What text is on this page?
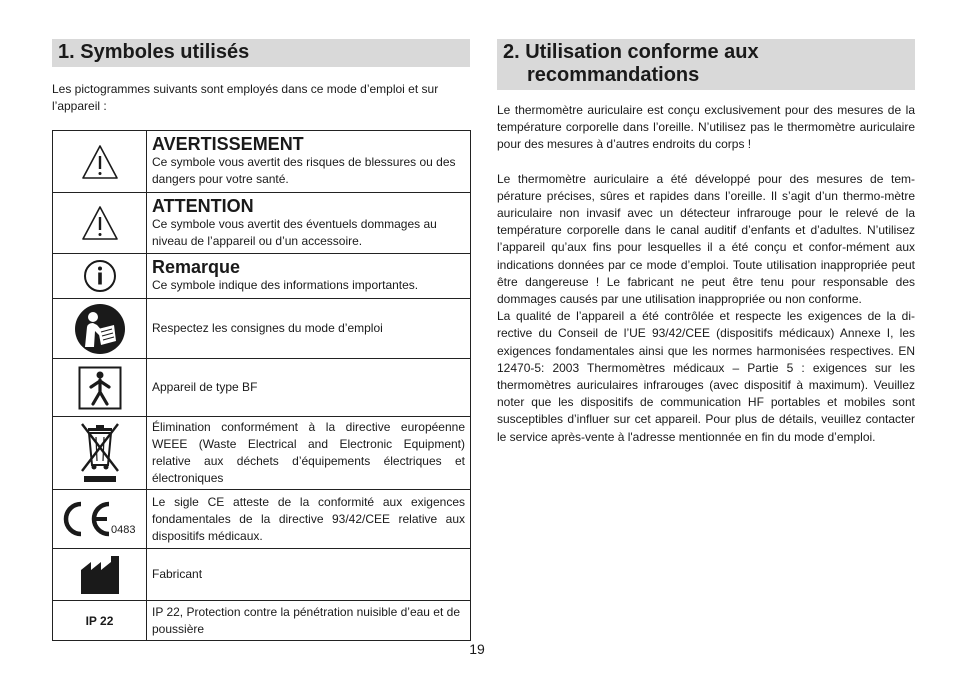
1. Symboles utilisés
Les pictogrammes suivants sont employés dans ce mode d’emploi et sur l’appareil :

AVERTISSEMENT
Ce symbole vous avertit des risques de blessures ou des dangers pour votre santé.

ATTENTION
Ce symbole vous avertit des éventuels dommages au niveau de l’appareil ou d’un accessoire.

Remarque
Ce symbole indique des informations importantes.

Respectez les consignes du mode d’emploi

Appareil de type BF

Élimination conformément à la directive européenne WEEE (Waste Electrical and Electronic Equipment) relative aux déchets d’équipements électriques et électroniques

0483	Le sigle CE atteste de la conformité aux exigences fondamentales de la directive 93/42/CEE relative aux dispositifs médicaux.

Fabricant

IP 22	IP 22, Protection contre la pénétration nuisible d’eau et de poussière
2. Utilisation conforme aux recommandations
Le thermomètre auriculaire est conçu exclusivement pour des mesures de la température corporelle dans l’oreille. N’utilisez pas le thermomètre auriculaire pour des mesures à d’autres endroits du corps !
Le thermomètre auriculaire a été développé pour des mesures de tem-pérature précises, sûres et rapides dans l’oreille. Il s’agit d’un thermo-mètre auriculaire non invasif avec un détecteur infrarouge pour le relevé de la température corporelle dans le canal auditif d’enfants et d’adultes. N’utilisez l’appareil qu’aux fins pour lesquelles il a été conçu et confor-mément aux indications données par ce mode d’emploi. Toute utilisation inappropriée peut être dangereuse ! Le fabricant ne peut être tenu pour responsable des dommages causés par une utilisation inappropriée ou non conforme.
La qualité de l’appareil a été contrôlée et respecte les exigences de la di-rective du Conseil de l’UE 93/42/CEE (dispositifs médicaux) Annexe I, les exigences fondamentales ainsi que les normes harmonisées respectives. EN 12470-5: 2003 Thermomètres médicaux – Partie 5 : exigences sur les thermomètres auriculaires infrarouges (avec dispositif à maximum). Veuillez noter que les dispositifs de communication HF portables et mobiles sont susceptibles d’influer sur cet appareil. Pour plus de détails, veuillez contacter le service après-vente à l'adresse mentionnée en fin du mode d’emploi.
19
